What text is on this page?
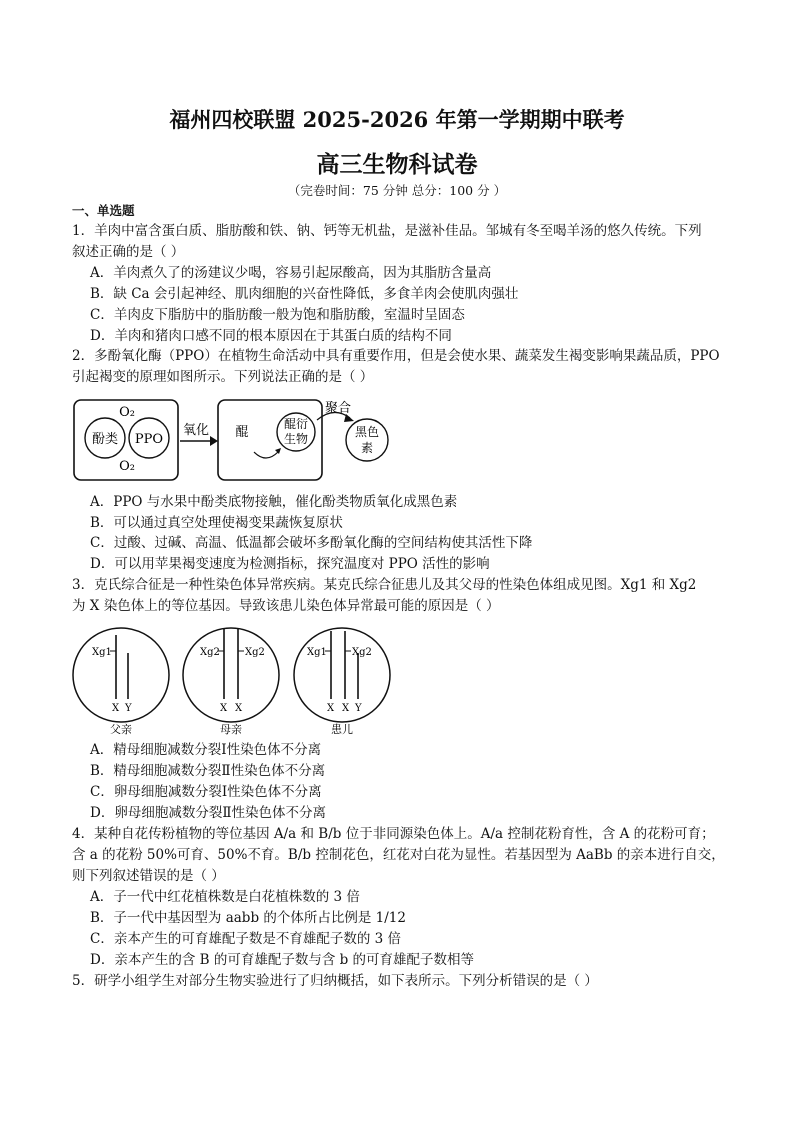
福州四校联盟 2025-2026 年第一学期期中联考
高三生物科试卷
（完卷时间：75 分钟 总分：100 分 ）
一、单选题
1．羊肉中富含蛋白质、脂肪酸和铁、钠、钙等无机盐，是滋补佳品。邹城有冬至喝羊汤的悠久传统。下列
叙述正确的是（ ）
A．羊肉煮久了的汤建议少喝，容易引起尿酸高，因为其脂肪含量高
B．缺 Ca 会引起神经、肌肉细胞的兴奋性降低，多食羊肉会使肌肉强壮
C．羊肉皮下脂肪中的脂肪酸一般为饱和脂肪酸，室温时呈固态
D．羊肉和猪肉口感不同的根本原因在于其蛋白质的结构不同
2．多酚氧化酶（PPO）在植物生命活动中具有重要作用，但是会使水果、蔬菜发生褐变影响果蔬品质，PPO
引起褐变的原理如图所示。下列说法正确的是（ ）
O₂
O₂
酚类 PPO
氧化 醌
醌衍
生物
聚合
黑色
素
A．PPO 与水果中酚类底物接触，催化酚类物质氧化成黑色素
B．可以通过真空处理使褐变果蔬恢复原状
C．过酸、过碱、高温、低温都会破坏多酚氧化酶的空间结构使其活性下降
D．可以用苹果褐变速度为检测指标，探究温度对 PPO 活性的影响
3．克氏综合征是一种性染色体异常疾病。某克氏综合征患儿及其父母的性染色体组成见图。Xg1 和 Xg2
为 X 染色体上的等位基因。导致该患儿染色体异常最可能的原因是（ ）
Xg1
X Y
父亲
Xg2	Xg2
X X
母亲
Xg1	Xg2
X X Y
患儿
A．精母细胞减数分裂Ⅰ性染色体不分离
B．精母细胞减数分裂Ⅱ性染色体不分离
C．卵母细胞减数分裂Ⅰ性染色体不分离
D．卵母细胞减数分裂Ⅱ性染色体不分离
4．某种自花传粉植物的等位基因 A/a 和 B/b 位于非同源染色体上。A/a 控制花粉育性，含 A 的花粉可育；
含 a 的花粉 50%可育、50%不育。B/b 控制花色，红花对白花为显性。若基因型为 AaBb 的亲本进行自交，
则下列叙述错误的是（ ）
A．子一代中红花植株数是白花植株数的 3 倍
B．子一代中基因型为 aabb 的个体所占比例是 1/12
C．亲本产生的可育雄配子数是不育雄配子数的 3 倍
D．亲本产生的含 B 的可育雄配子数与含 b 的可育雄配子数相等
5．研学小组学生对部分生物实验进行了归纳概括，如下表所示。下列分析错误的是（ ）
